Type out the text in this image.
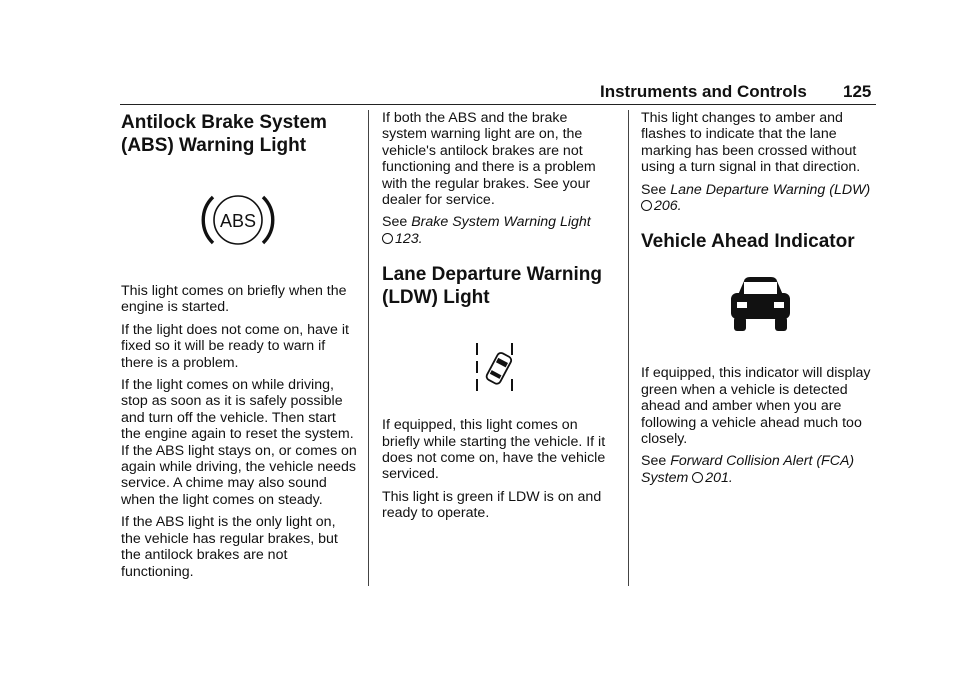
Instruments and Controls 125
Antilock Brake System
(ABS) Warning Light
ABS

This light comes on briefly when the engine is started.

If the light does not come on, have it fixed so it will be ready to warn if there is a problem.

If the light comes on while driving, stop as soon as it is safely possible and turn off the vehicle. Then start the engine again to reset the system. If the ABS light stays on, or comes on again while driving, the vehicle needs service. A chime may also sound when the light comes on steady.

If the ABS light is the only light on, the vehicle has regular brakes, but the antilock brakes are not functioning.

If both the ABS and the brake system warning light are on, the vehicle's antilock brakes are not functioning and there is a problem with the regular brakes. See your dealer for service.

See Brake System Warning Light
123.

Lane Departure Warning
(LDW) Light

If equipped, this light comes on briefly while starting the vehicle. If it does not come on, have the vehicle serviced.

This light is green if LDW is on and ready to operate.

This light changes to amber and flashes to indicate that the lane marking has been crossed without using a turn signal in that direction.

See Lane Departure Warning (LDW)
206.

Vehicle Ahead Indicator

If equipped, this indicator will display green when a vehicle is detected ahead and amber when you are following a vehicle ahead much too closely.

See Forward Collision Alert (FCA)
System 201.
